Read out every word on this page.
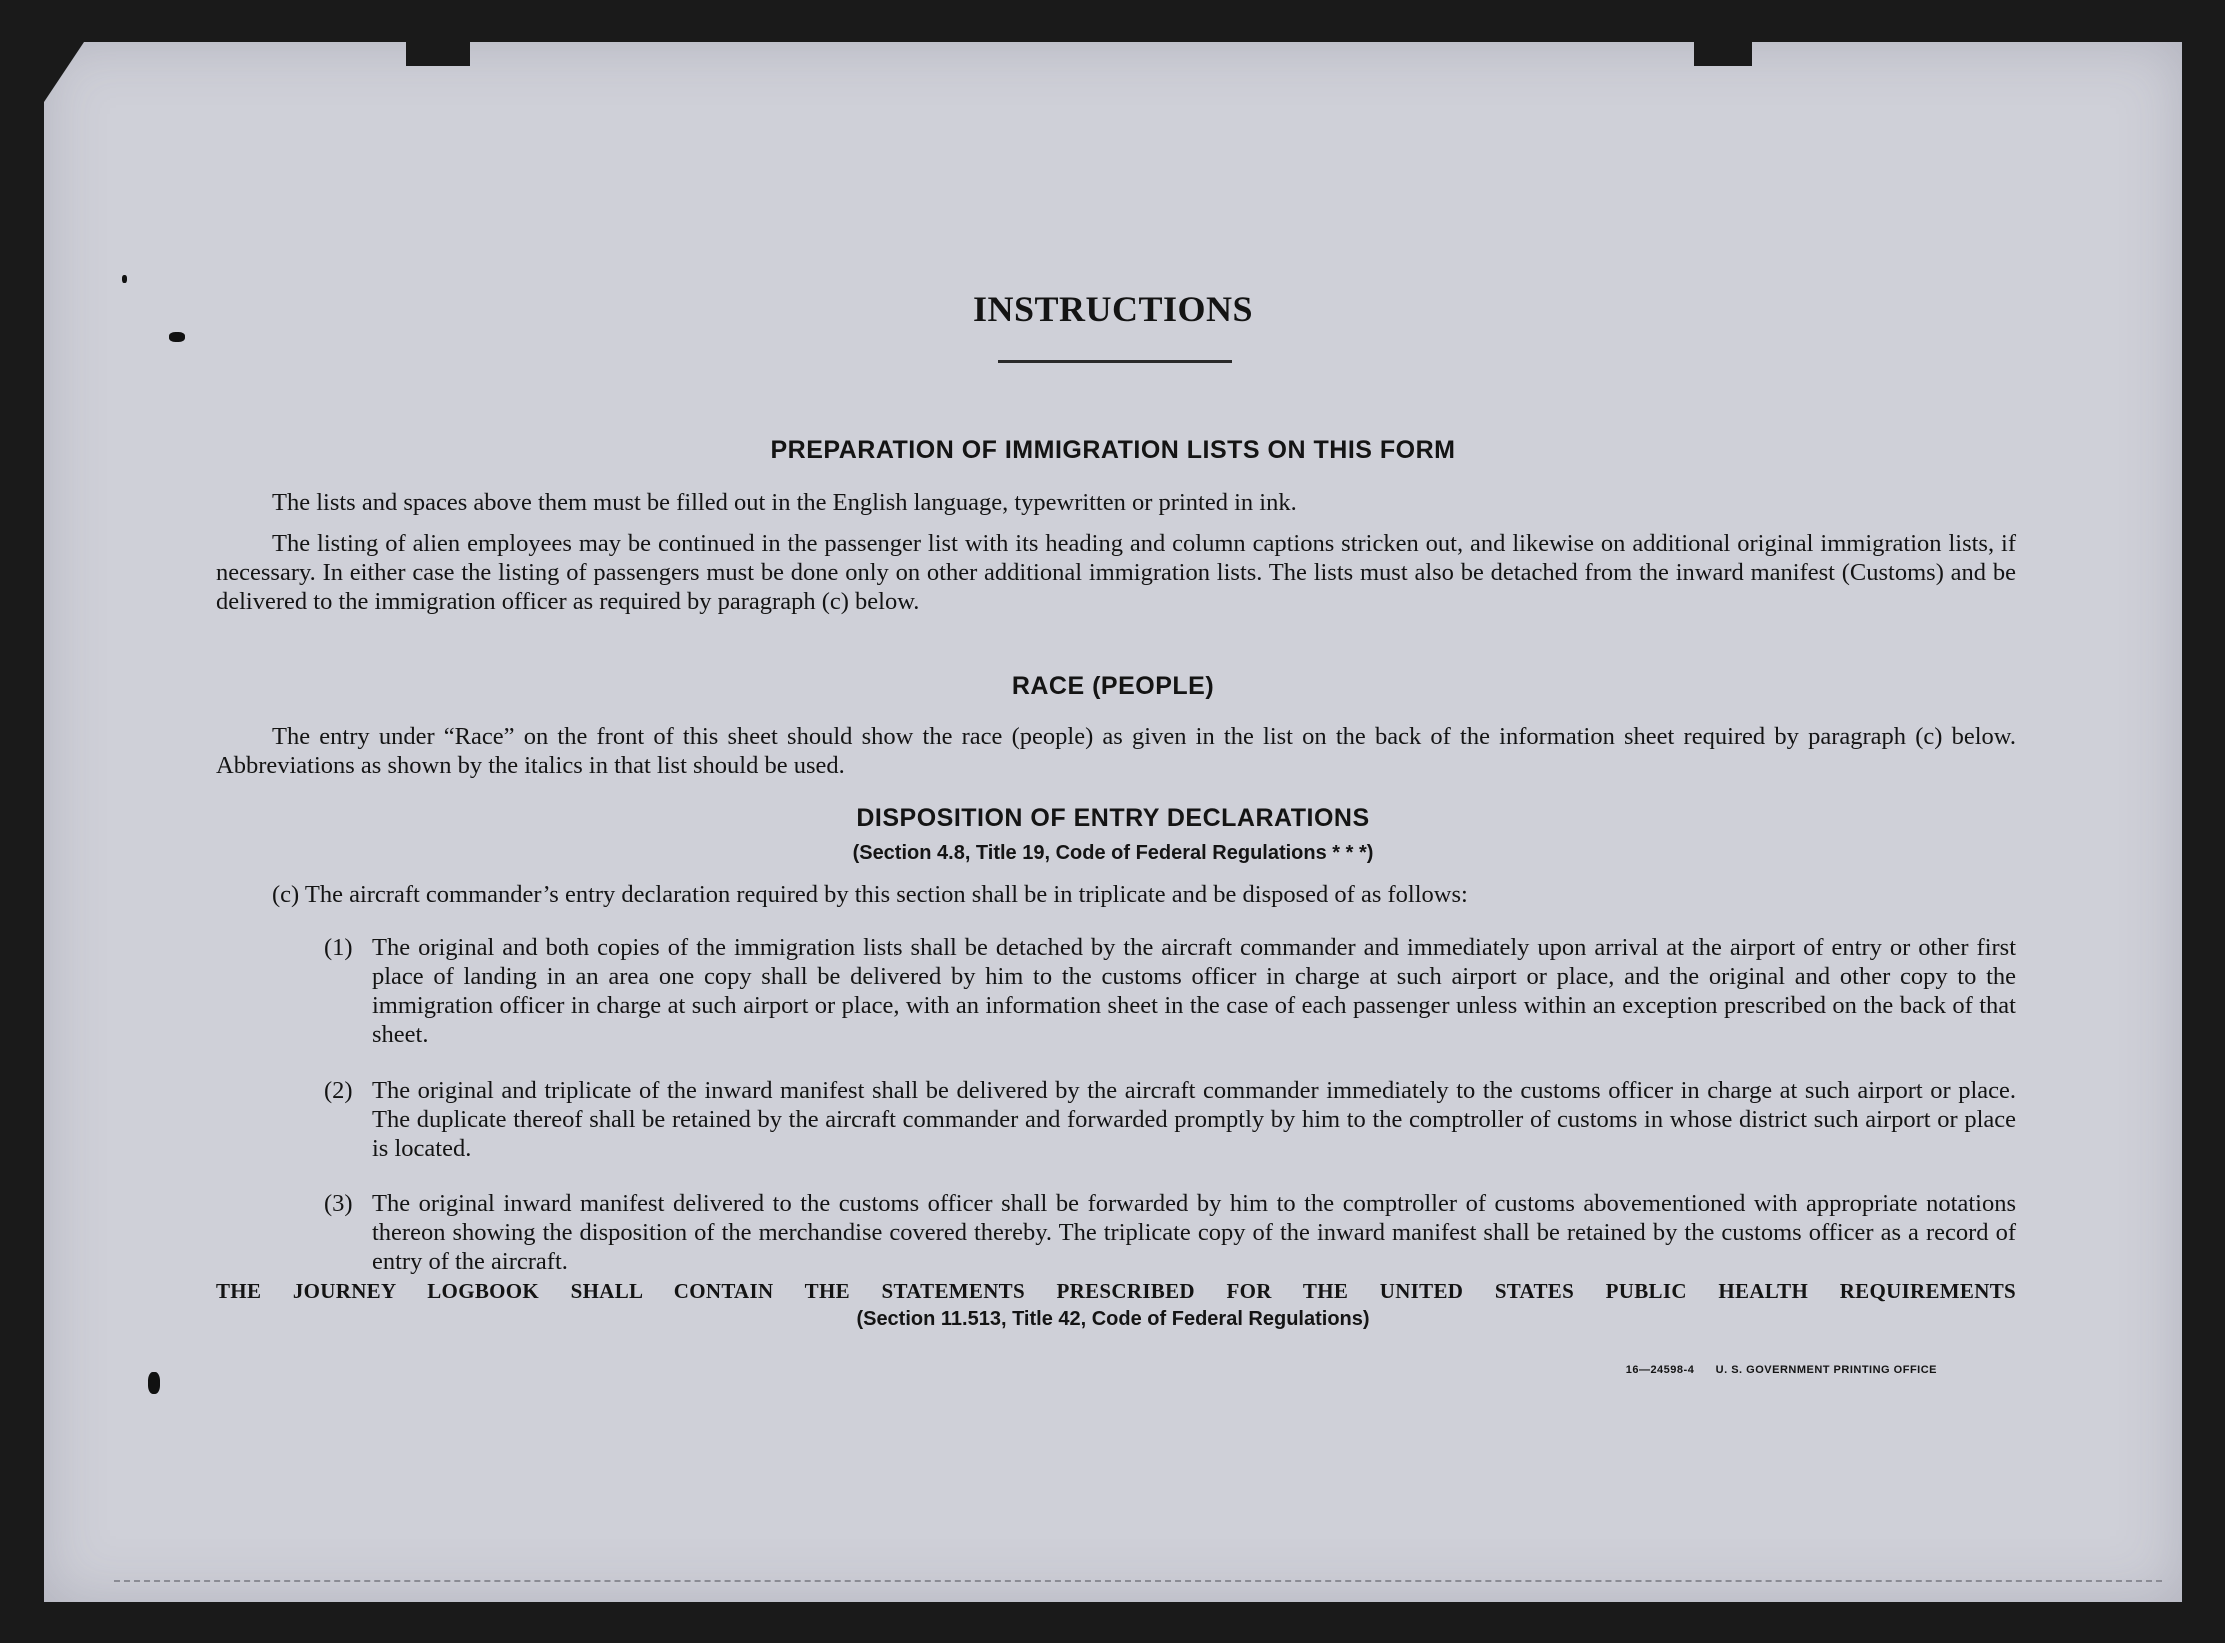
INSTRUCTIONS

PREPARATION OF IMMIGRATION LISTS ON THIS FORM

The lists and spaces above them must be filled out in the English language, typewritten or printed in ink.

The listing of alien employees may be continued in the passenger list with its heading and column captions stricken out, and likewise on additional original immigration lists, if necessary. In either case the listing of passengers must be done only on other additional immigration lists. The lists must also be detached from the inward manifest (Customs) and be delivered to the immigration officer as required by paragraph (c) below.

RACE (PEOPLE)

The entry under “Race” on the front of this sheet should show the race (people) as given in the list on the back of the information sheet required by paragraph (c) below. Abbreviations as shown by the italics in that list should be used.

DISPOSITION OF ENTRY DECLARATIONS

(Section 4.8, Title 19, Code of Federal Regulations * * *)

(c) The aircraft commander’s entry declaration required by this section shall be in triplicate and be disposed of as follows:

(1) The original and both copies of the immigration lists shall be detached by the aircraft commander and immediately upon arrival at the airport of entry or other first place of landing in an area one copy shall be delivered by him to the customs officer in charge at such airport or place, and the original and other copy to the immigration officer in charge at such airport or place, with an information sheet in the case of each passenger unless within an exception prescribed on the back of that sheet.
(2) The original and triplicate of the inward manifest shall be delivered by the aircraft commander immediately to the customs officer in charge at such airport or place. The duplicate thereof shall be retained by the aircraft commander and forwarded promptly by him to the comptroller of customs in whose district such airport or place is located.
(3) The original inward manifest delivered to the customs officer shall be forwarded by him to the comptroller of customs abovementioned with appropriate notations thereon showing the disposition of the merchandise covered thereby. The triplicate copy of the inward manifest shall be retained by the customs officer as a record of entry of the aircraft.

THE JOURNEY LOGBOOK SHALL CONTAIN THE STATEMENTS PRESCRIBED FOR THE UNITED STATES PUBLIC HEALTH REQUIREMENTS

(Section 11.513, Title 42, Code of Federal Regulations)

16—24598-4 U. S. GOVERNMENT PRINTING OFFICE
